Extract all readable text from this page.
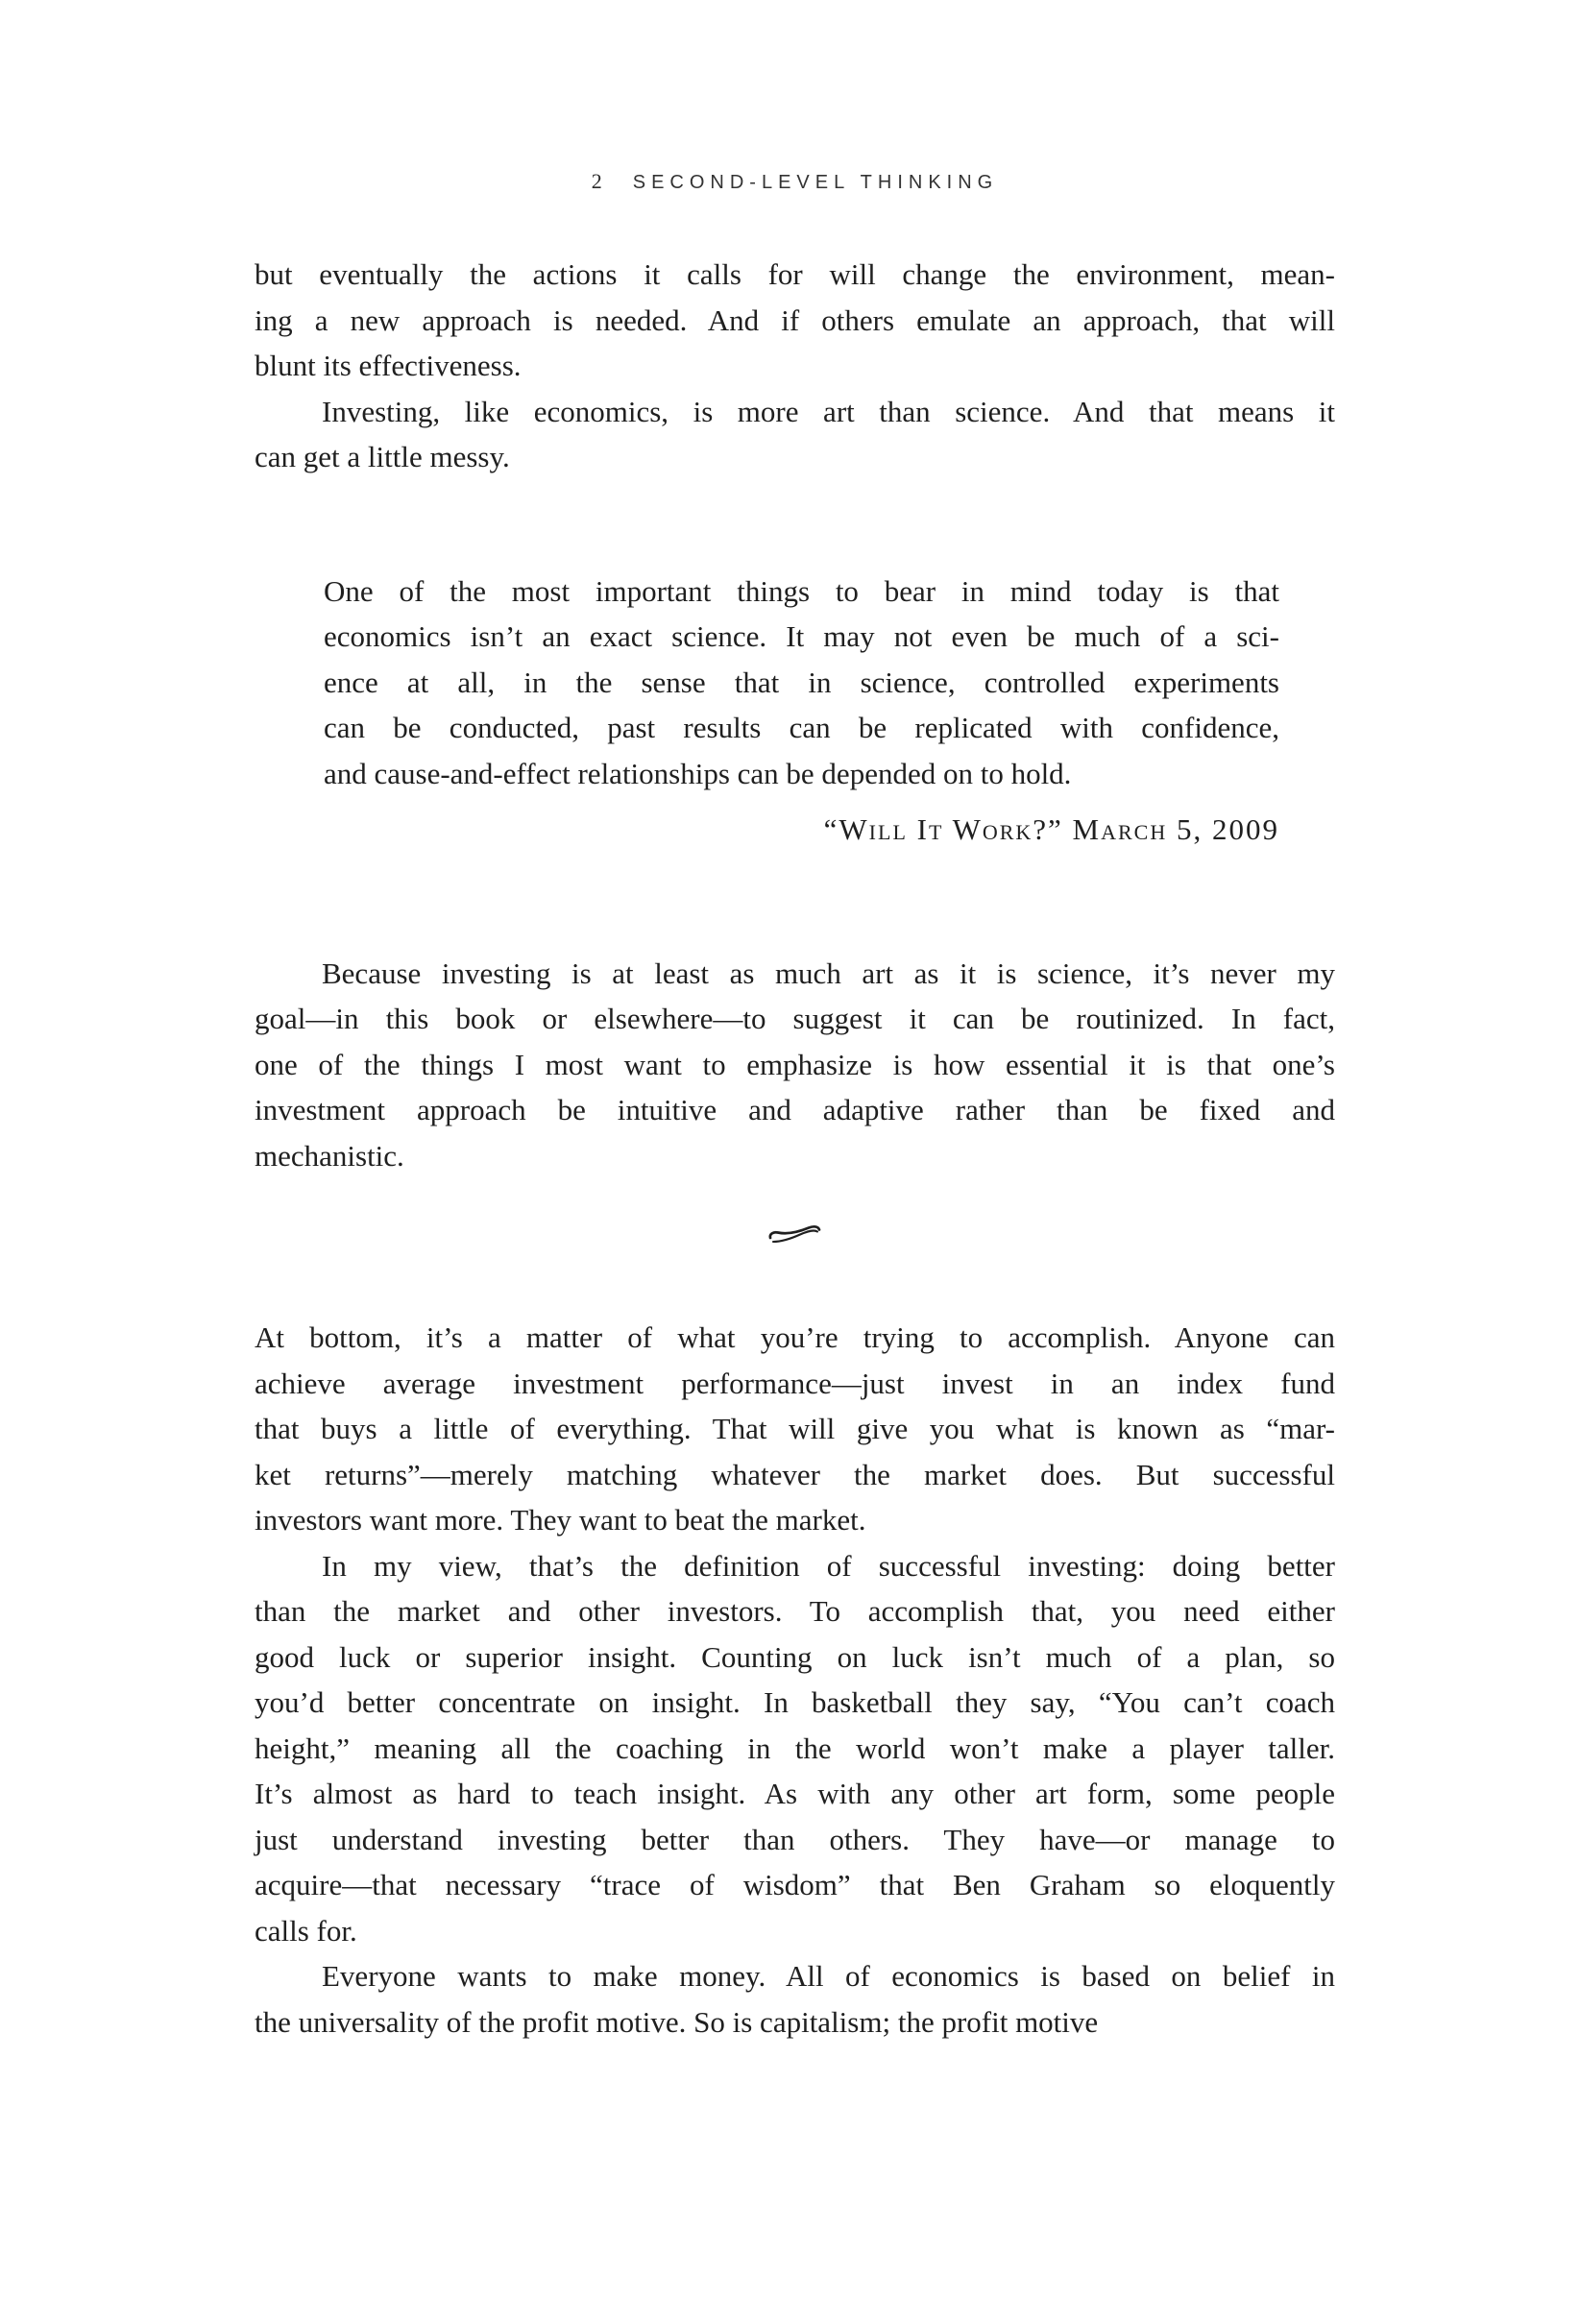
2 SECOND-LEVEL THINKING
but eventually the actions it calls for will change the environment, mean-
ing a new approach is needed. And if others emulate an approach, that will
blunt its effectiveness.
Investing, like economics, is more art than science. And that means it
can get a little messy.
One of the most important things to bear in mind today is that
economics isn’t an exact science. It may not even be much of a sci-
ence at all, in the sense that in science, controlled experiments
can be conducted, past results can be replicated with confidence,
and cause-and-effect relationships can be depended on to hold.
“Will It Work?” March 5, 2009
Because investing is at least as much art as it is science, it’s never my
goal—in this book or elsewhere—to suggest it can be routinized. In fact,
one of the things I most want to emphasize is how essential it is that one’s
investment approach be intuitive and adaptive rather than be fixed and
mechanistic.
At bottom, it’s a matter of what you’re trying to accomplish. Anyone can
achieve average investment performance—just invest in an index fund
that buys a little of everything. That will give you what is known as “mar-
ket returns”—merely matching whatever the market does. But successful
investors want more. They want to beat the market.
In my view, that’s the definition of successful investing: doing better
than the market and other investors. To accomplish that, you need either
good luck or superior insight. Counting on luck isn’t much of a plan, so
you’d better concentrate on insight. In basketball they say, “You can’t coach
height,” meaning all the coaching in the world won’t make a player taller.
It’s almost as hard to teach insight. As with any other art form, some people
just understand investing better than others. They have—or manage to
acquire—that necessary “trace of wisdom” that Ben Graham so eloquently
calls for.
Everyone wants to make money. All of economics is based on belief in
the universality of the profit motive. So is capitalism; the profit motive
